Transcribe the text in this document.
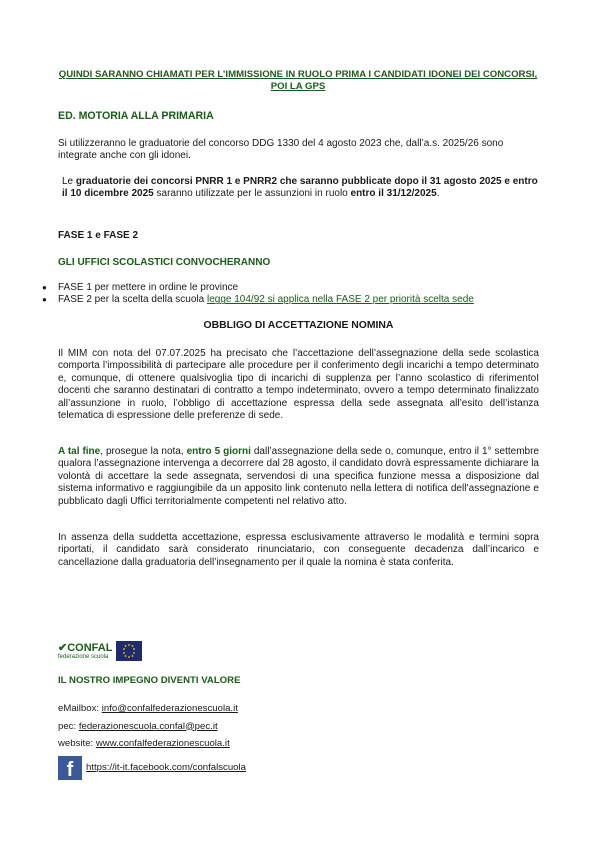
QUINDI SARANNO CHIAMATI PER L’IMMISSIONE IN RUOLO PRIMA I CANDIDATI IDONEI DEI CONCORSI, POI LA GPS
ED. MOTORIA ALLA PRIMARIA
Si utilizzeranno le graduatorie del concorso DDG 1330 del 4 agosto 2023 che, dall’a.s. 2025/26 sono integrate anche con gli idonei.
Le graduatorie dei concorsi PNRR 1 e PNRR2 che saranno pubblicate dopo il 31 agosto 2025 e entro il 10 dicembre 2025 saranno utilizzate per le assunzioni in ruolo entro il 31/12/2025.
FASE 1 e FASE 2
GLI UFFICI SCOLASTICI CONVOCHERANNO
●	FASE 1 per mettere in ordine le province
●	FASE 2 per la scelta della scuola legge 104/92 si applica nella FASE 2 per priorità scelta sede
OBBLIGO DI ACCETTAZIONE NOMINA
Il MIM con nota del 07.07.2025 ha precisato che l’accettazione dell’assegnazione della sede scolastica comporta l’impossibilità di partecipare alle procedure per il conferimento degli incarichi a tempo determinato e, comunque, di ottenere qualsivoglia tipo di incarichi di supplenza per l’anno scolastico di riferimentoI docenti che saranno destinatari di contratto a tempo indeterminato, ovvero a tempo determinato finalizzato all’assunzione in ruolo, l’obbligo di accettazione espressa della sede assegnata all’esito dell’istanza telematica di espressione delle preferenze di sede.
A tal fine, prosegue la nota, entro 5 giorni dall’assegnazione della sede o, comunque, entro il 1° settembre qualora l’assegnazione intervenga a decorrere dal 28 agosto, il candidato dovrà espressamente dichiarare la volontà di accettare la sede assegnata, servendosi di una specifica funzione messa a disposizione dal sistema informativo e raggiungibile da un apposito link contenuto nella lettera di notifica dell’assegnazione e pubblicato dagli Uffici territorialmente competenti nel relativo atto.
In assenza della suddetta accettazione, espressa esclusivamente attraverso le modalità e termini sopra riportati, il candidato sarà considerato rinunciatario, con conseguente decadenza dall’incarico e cancellazione dalla graduatoria dell’insegnamento per il quale la nomina è stata conferita.
✔CONFAL
federazione scuola
IL NOSTRO IMPEGNO DIVENTI VALORE
eMailbox: info@confalfederazionescuola.it
pec: federazionescuola.confal@pec.it
website: www.confalfederazionescuola.it
f	https://it-it.facebook.com/confalscuola
